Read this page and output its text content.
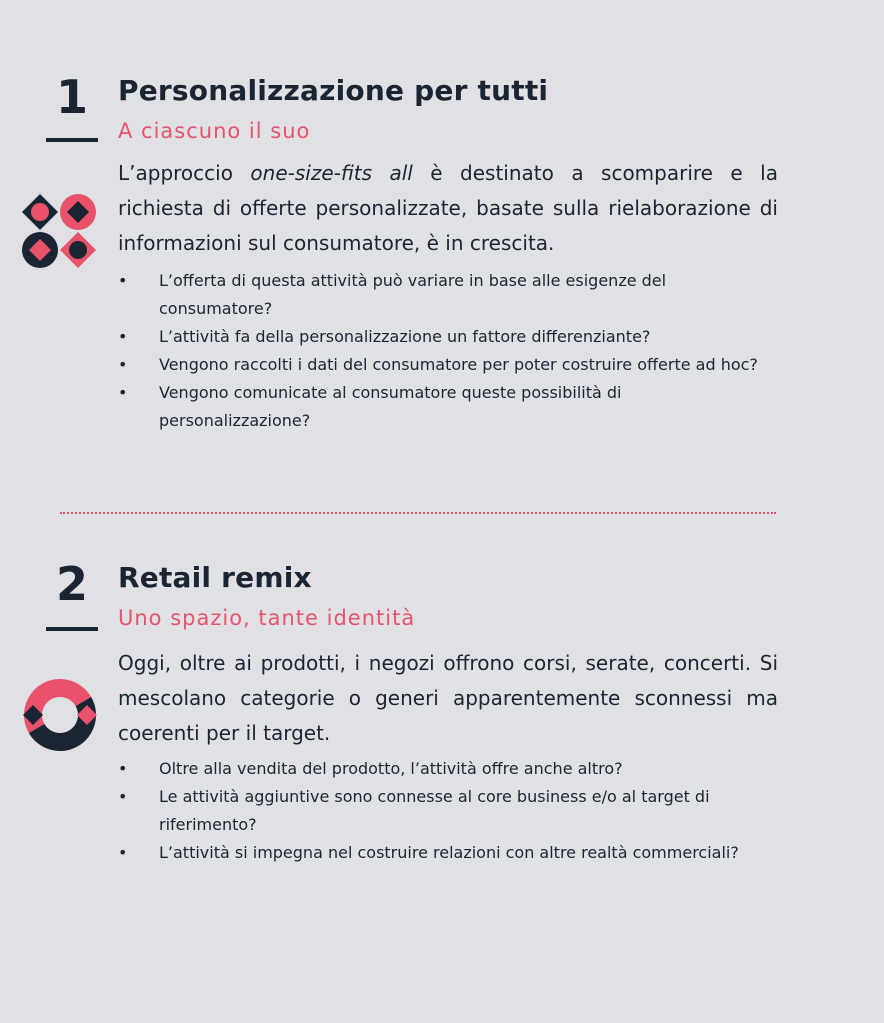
1	Personalizzazione per tutti

A ciascuno il suo

L’approccio one-size-fits all è destinato a scomparire e la richiesta di offerte personalizzate, basate sulla rielaborazione di informazioni sul consumatore, è in crescita.

• L’offerta di questa attività può variare in base alle esigenze del consumatore?
• L’attività fa della personalizzazione un fattore differenziante?
• Vengono raccolti i dati del consumatore per poter costruire offerte ad hoc?
• Vengono comunicate al consumatore queste possibilità di personalizzazione?
2	Retail remix

Uno spazio, tante identità

Oggi, oltre ai prodotti, i negozi offrono corsi, serate, concerti. Si mescolano categorie o generi apparentemente sconnessi ma coerenti per il target.

• Oltre alla vendita del prodotto, l’attività offre anche altro?
• Le attività aggiuntive sono connesse al core business e/o al target di riferimento?
• L’attività si impegna nel costruire relazioni con altre realtà commerciali?
